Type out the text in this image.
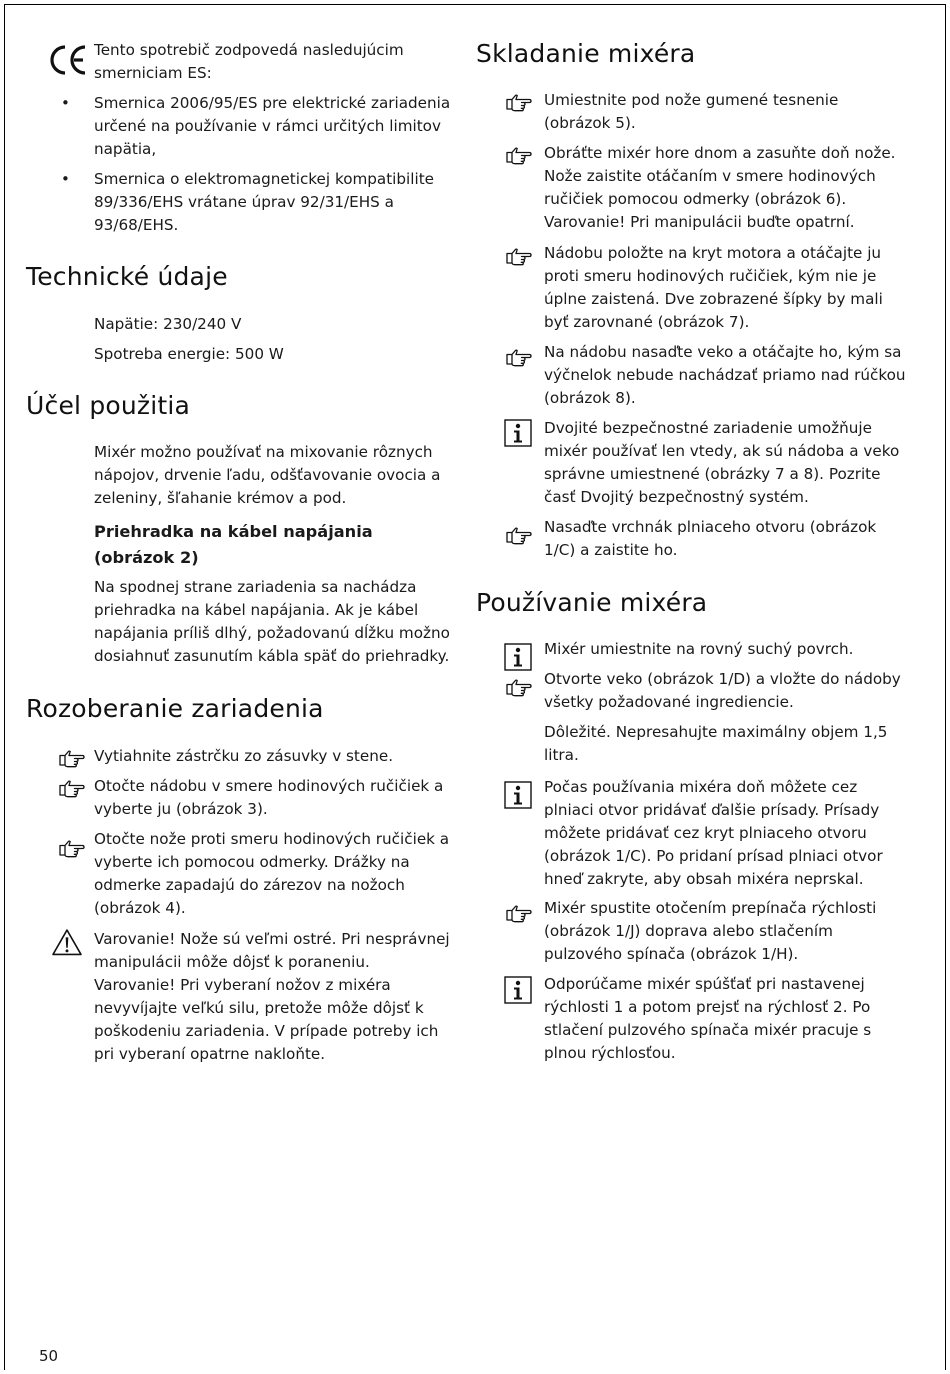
Tento spotrebič zodpovedá nasledujúcim
smerniciam ES:

• Smernica 2006/95/ES pre elektrické zariadenia
určené na používanie v rámci určitých limitov
napätia,

• Smernica o elektromagnetickej kompatibilite
89/336/EHS vrátane úprav 92/31/EHS a
93/68/EHS.

Technické údaje

Napätie: 230/240 V

Spotreba energie: 500 W

Účel použitia

Mixér možno používať na mixovanie rôznych
nápojov, drvenie ľadu, odšťavovanie ovocia a
zeleniny, šľahanie krémov a pod.

Priehradka na kábel napájania
(obrázok 2)

Na spodnej strane zariadenia sa nachádza
priehradka na kábel napájania. Ak je kábel
napájania príliš dlhý, požadovanú dĺžku možno
dosiahnuť zasunutím kábla späť do priehradky.

Rozoberanie zariadenia

Vytiahnite zástrčku zo zásuvky v stene.

Otočte nádobu v smere hodinových ručičiek a
vyberte ju (obrázok 3).

Otočte nože proti smeru hodinových ručičiek a
vyberte ich pomocou odmerky. Drážky na
odmerke zapadajú do zárezov na nožoch
(obrázok 4).

Varovanie! Nože sú veľmi ostré. Pri nesprávnej
manipulácii môže dôjsť k poraneniu.
Varovanie! Pri vyberaní nožov z mixéra
nevyvíjajte veľkú silu, pretože môže dôjsť k
poškodeniu zariadenia. V prípade potreby ich
pri vyberaní opatrne nakloňte.

Skladanie mixéra

Umiestnite pod nože gumené tesnenie
(obrázok 5).

Obráťte mixér hore dnom a zasuňte doň nože.
Nože zaistite otáčaním v smere hodinových
ručičiek pomocou odmerky (obrázok 6).
Varovanie! Pri manipulácii buďte opatrní.

Nádobu položte na kryt motora a otáčajte ju
proti smeru hodinových ručičiek, kým nie je
úplne zaistená. Dve zobrazené šípky by mali
byť zarovnané (obrázok 7).

Na nádobu nasaďte veko a otáčajte ho, kým sa
výčnelok nebude nachádzať priamo nad rúčkou
(obrázok 8).

Dvojité bezpečnostné zariadenie umožňuje
mixér používať len vtedy, ak sú nádoba a veko
správne umiestnené (obrázky 7 a 8). Pozrite
časť Dvojitý bezpečnostný systém.

Nasaďte vrchnák plniaceho otvoru (obrázok
1/C) a zaistite ho.

Používanie mixéra

Mixér umiestnite na rovný suchý povrch.

Otvorte veko (obrázok 1/D) a vložte do nádoby
všetky požadované ingrediencie.

Dôležité. Nepresahujte maximálny objem 1,5
litra.

Počas používania mixéra doň môžete cez
plniaci otvor pridávať ďalšie prísady. Prísady
môžete pridávať cez kryt plniaceho otvoru
(obrázok 1/C). Po pridaní prísad plniaci otvor
hneď zakryte, aby obsah mixéra neprskal.

Mixér spustite otočením prepínača rýchlosti
(obrázok 1/J) doprava alebo stlačením
pulzového spínača (obrázok 1/H).

Odporúčame mixér spúšťať pri nastavenej
rýchlosti 1 a potom prejsť na rýchlosť 2. Po
stlačení pulzového spínača mixér pracuje s
plnou rýchlosťou.

50
